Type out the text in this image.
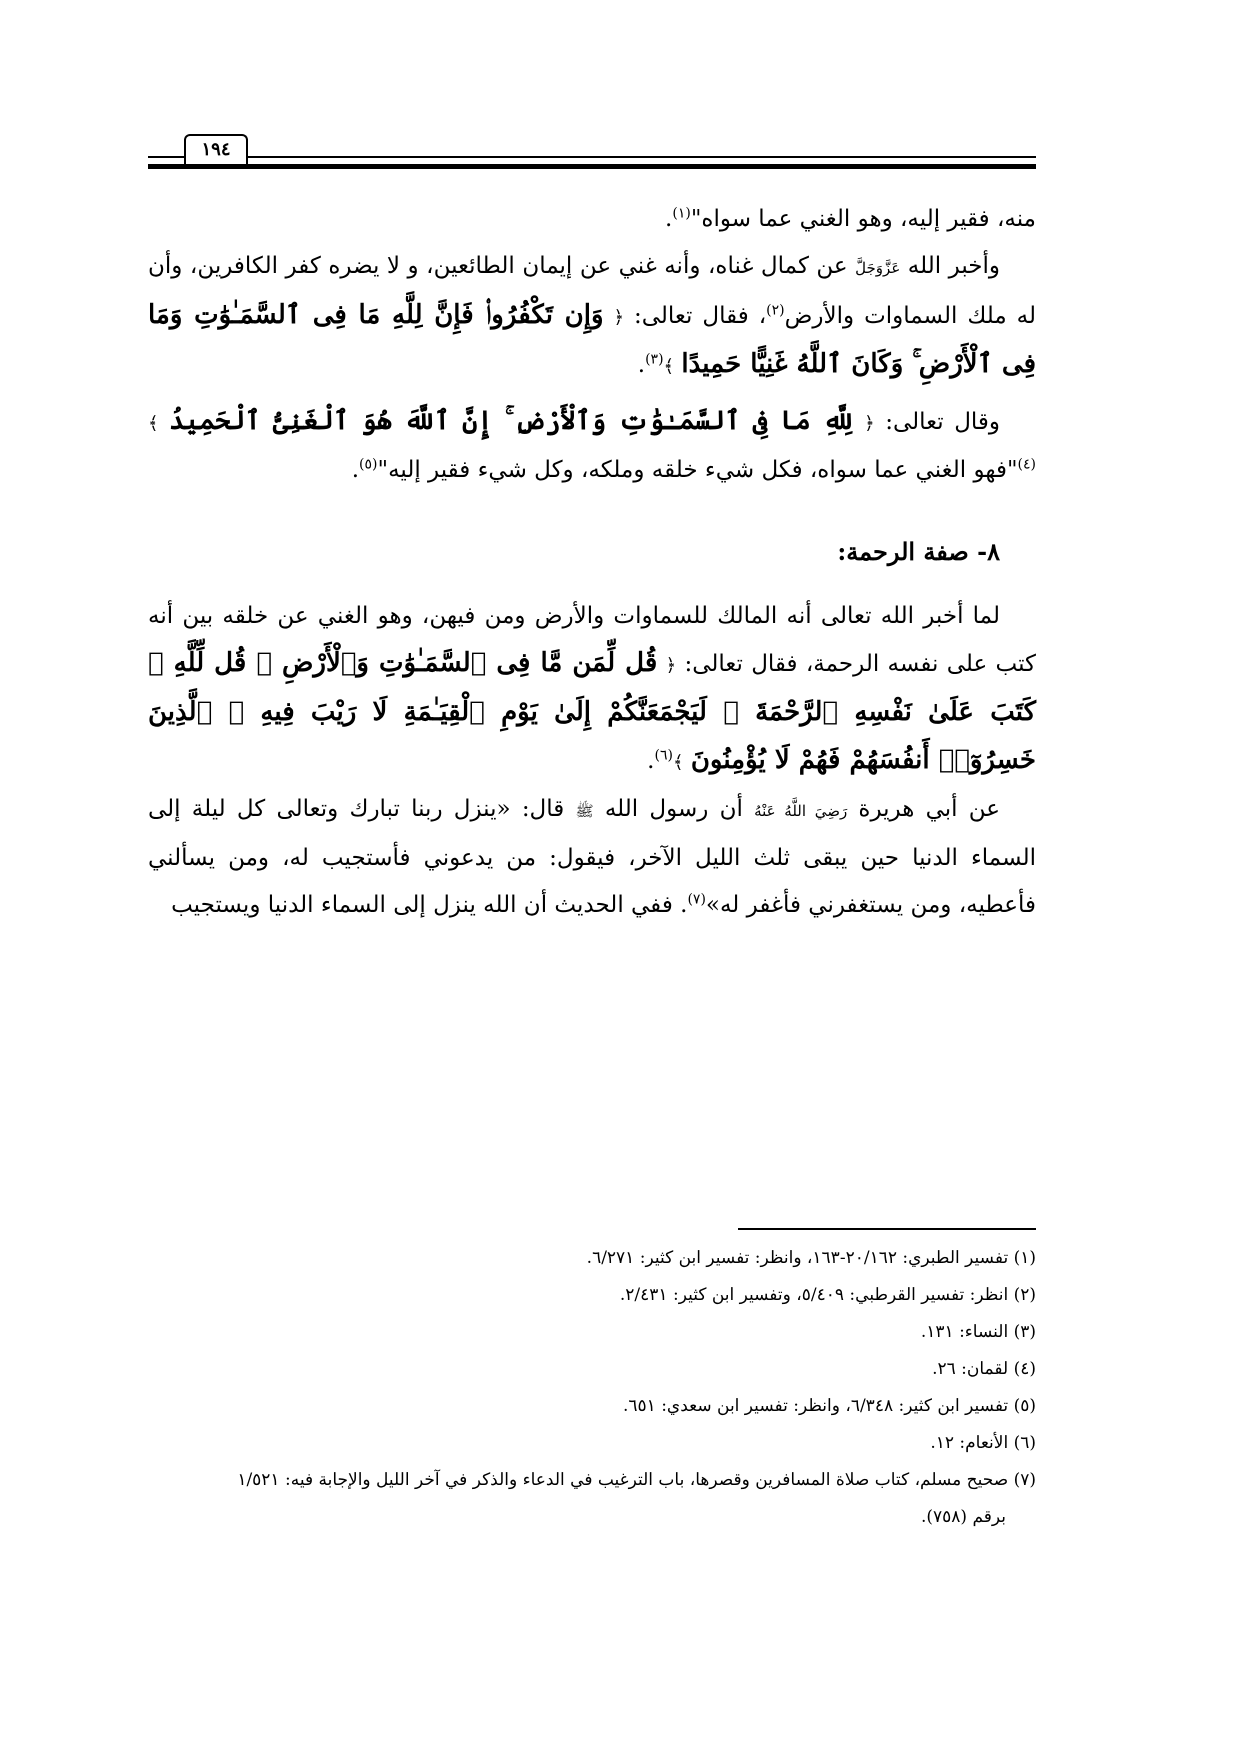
١٩٤

منه، فقير إليه، وهو الغني عما سواه"$^{(١)}$.

وأخبر الله عَزَّوَجَلَّ عن كمال غناه، وأنه غني عن إيمان الطائعين، و لا يضره كفر الكافرين، وأن له ملك السماوات والأرض$^{(٢)}$، فقال تعالى: ﴿ وَإِن تَكْفُرُوا۟ فَإِنَّ لِلَّهِ مَا فِى ٱلسَّمَـٰوَٰتِ وَمَا فِى ٱلْأَرْضِ ۚ وَكَانَ ٱللَّهُ غَنِيًّا حَمِيدًا ﴾$^{(٣)}$.

وقال تعالى: ﴿ لِلَّهِ مَا فِى ٱلسَّمَـٰوَٰتِ وَٱلْأَرْضِ ۚ إِنَّ ٱللَّهَ هُوَ ٱلْغَنِىُّ ٱلْحَمِيدُ ﴾$^{(٤)}$"فهو الغني عما سواه، فكل شيء خلقه وملكه، وكل شيء فقير إليه"$^{(٥)}$.

٨- صفة الرحمة:

لما أخبر الله تعالى أنه المالك للسماوات والأرض ومن فيهن، وهو الغني عن خلقه بين أنه كتب على نفسه الرحمة، فقال تعالى: ﴿ قُل لِّمَن مَّا فِى ٱلسَّمَـٰوَٰتِ وَٱلْأَرْضِ ۖ قُل لِّلَّهِ ۚ كَتَبَ عَلَىٰ نَفْسِهِ ٱلرَّحْمَةَ ۚ لَيَجْمَعَنَّكُمْ إِلَىٰ يَوْمِ ٱلْقِيَـٰمَةِ لَا رَيْبَ فِيهِ ۚ ٱلَّذِينَ خَسِرُوٓا۟ أَنفُسَهُمْ فَهُمْ لَا يُؤْمِنُونَ ﴾$^{(٦)}$.

عن أبي هريرة رَضِيَ اللَّهُ عَنْهُ أن رسول الله ﷺ قال: «ينزل ربنا تبارك وتعالى كل ليلة إلى السماء الدنيا حين يبقى ثلث الليل الآخر، فيقول: من يدعوني فأستجيب له، ومن يسألني فأعطيه، ومن يستغفرني فأغفر له»$^{(٧)}$. ففي الحديث أن الله ينزل إلى السماء الدنيا ويستجيب

(١) تفسير الطبري: ٢٠/١٦٢-١٦٣، وانظر: تفسير ابن كثير: ٦/٢٧١.

(٢) انظر: تفسير القرطبي: ٥/٤٠٩، وتفسير ابن كثير: ٢/٤٣١.

(٣) النساء: ١٣١.

(٤) لقمان: ٢٦.

(٥) تفسير ابن كثير: ٦/٣٤٨، وانظر: تفسير ابن سعدي: ٦٥١.

(٦) الأنعام: ١٢.

(٧) صحيح مسلم، كتاب صلاة المسافرين وقصرها، باب الترغيب في الدعاء والذكر في آخر الليل والإجابة فيه: ١/٥٢١

برقم (٧٥٨).
